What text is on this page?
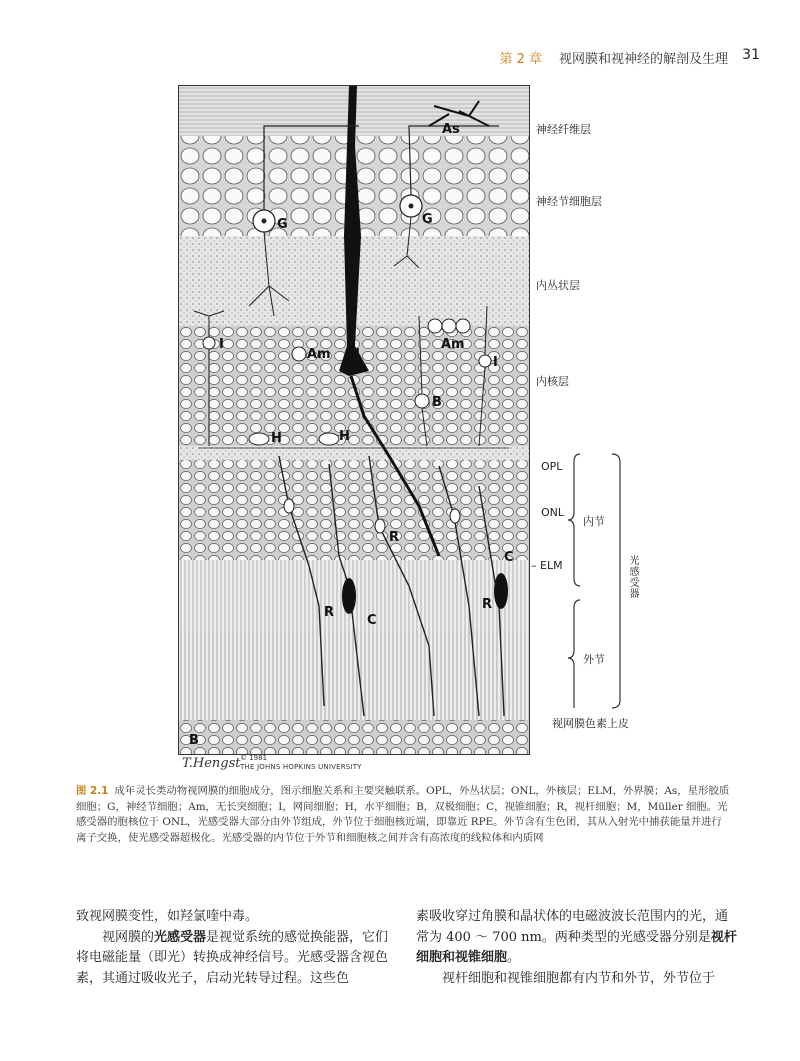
第 2 章 视网膜和视神经的解剖及生理 31
As
G	G
Am M
Am
I
I
B
H	H
R
R
R
C
C
B
T.Hengst © 1981
THE JOHNS HOPKINS UNIVERSITY
神经纤维层
神经节细胞层
内丛状层
内核层
OPL
ONL
– ELM
内节
外节
光感受器
视网膜色素上皮
图 2.1 成年灵长类动物视网膜的细胞成分，图示细胞关系和主要突触联系。OPL，外丛状层；ONL，外核层；ELM，外界膜；As，星形胶质细胞；G，神经节细胞；Am，无长突细胞；I，网间细胞；H，水平细胞；B，双极细胞；C，视锥细胞；R，视杆细胞；M，Müller 细胞。光感受器的胞核位于 ONL，光感受器大部分由外节组成，外节位于细胞核近端，即靠近 RPE。外节含有生色团，其从入射光中捕获能量并进行离子交换，使光感受器超极化。光感受器的内节位于外节和细胞核之间并含有高浓度的线粒体和内质网

致视网膜变性，如羟氯喹中毒。

视网膜的光感受器是视觉系统的感觉换能器，它们将电磁能量（即光）转换成神经信号。光感受器含视色素，其通过吸收光子，启动光转导过程。这些色

素吸收穿过角膜和晶状体的电磁波波长范围内的光，通常为 400 ～ 700 nm。两种类型的光感受器分别是视杆细胞和视锥细胞。

视杆细胞和视锥细胞都有内节和外节，外节位于
